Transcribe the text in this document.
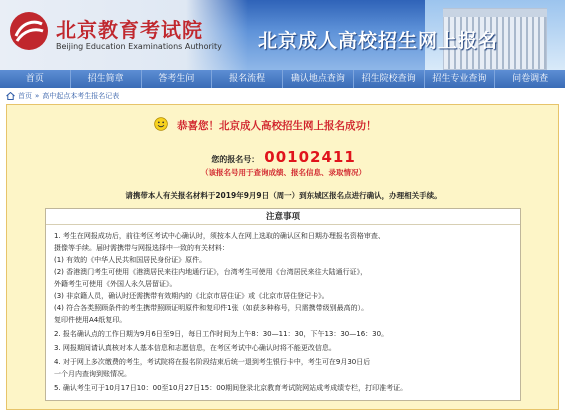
北京教育考试院
Beijing Education Examinations Authority 北京成人高校招生网上报名
首页	招生简章	答考生问	报名流程	确认地点查询	招生院校查询	招生专业查询	问卷调查
首页 » 高中起点本考生报名记表
恭喜您！北京成人高校招生网上报名成功！
您的报名号： 00102411
（该报名号用于查询成绩、报名信息、录取情况）
请携带本人有关报名材料于2019年9月9日（周一）到东城区报名点进行确认，办理相关手续。
注意事项
1. 考生在网报成功后，前往考区考试中心确认时，须按本人在网上选取的确认区和日期办理报名资格审查、
摄像等手续。届时需携带与网报选择中一致的有关材料：
(1) 有效的《中华人民共和国居民身份证》原件。
(2) 香港澳门考生可使用《港澳居民来往内地通行证》，台湾考生可使用《台湾居民来往大陆通行证》，
外籍考生可使用《外国人永久居留证》。
(3) 非京籍人员，确认时还需携带有效期内的《北京市居住证》或《北京市居住登记卡》。
(4) 符合各类照顾条件的考生携带照顾证明原件和复印件1张（如获多种称号，只需携带级别最高的）。
复印件使用A4纸复印。
2. 报名确认点的工作日期为9月6日至9日，每日工作时间为上午8：30—11：30，下午13：30—16：30。
3. 网报期间请认真核对本人基本信息和志愿信息，在考区考试中心确认时将不能更改信息。
4. 对于网上多次缴费的考生，考试院将在报名阶段结束后统一退到考生银行卡中，考生可在9月30日后
一个月内查询到账情况。
5. 确认考生可于10月17日10：00至10月27日15：00期间登录北京教育考试院网站成考成绩专栏，打印准考证。
